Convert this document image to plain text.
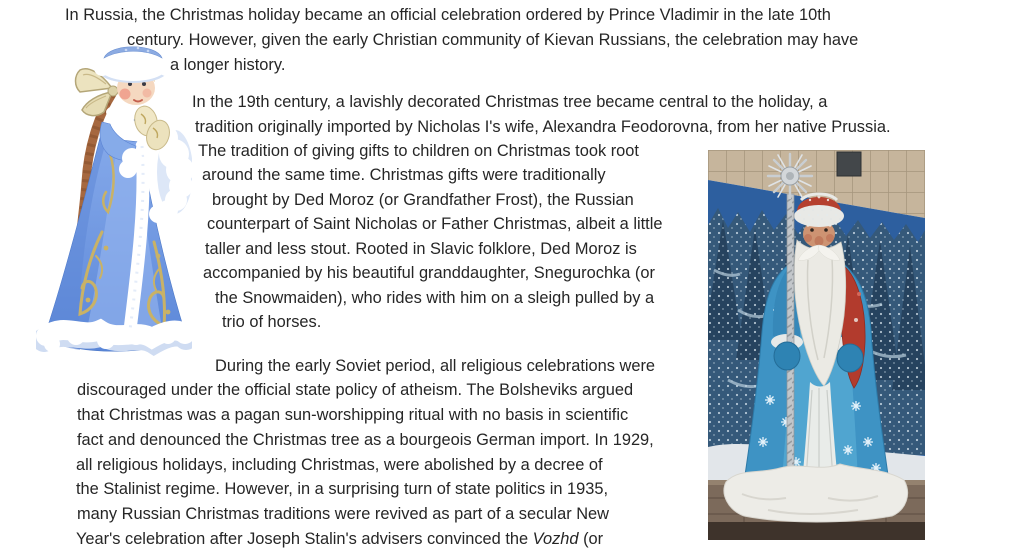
In Russia, the Christmas holiday became an official celebration ordered by Prince Vladimir in the late 10th
century. However, given the early Christian community of Kievan Russians, the celebration may have
a longer history.
In the 19th century, a lavishly decorated Christmas tree became central to the holiday, a
tradition originally imported by Nicholas I's wife, Alexandra Feodorovna, from her native Prussia.
The tradition of giving gifts to children on Christmas took root
around the same time. Christmas gifts were traditionally
brought by Ded Moroz (or Grandfather Frost), the Russian
counterpart of Saint Nicholas or Father Christmas, albeit a little
taller and less stout. Rooted in Slavic folklore, Ded Moroz is
accompanied by his beautiful granddaughter, Snegurochka (or
the Snowmaiden), who rides with him on a sleigh pulled by a
trio of horses.
During the early Soviet period, all religious celebrations were
discouraged under the official state policy of atheism. The Bolsheviks argued
that Christmas was a pagan sun-worshipping ritual with no basis in scientific
fact and denounced the Christmas tree as a bourgeois German import. In 1929,
all religious holidays, including Christmas, were abolished by a decree of
the Stalinist regime. However, in a surprising turn of state politics in 1935,
many Russian Christmas traditions were revived as part of a secular New
Year's celebration after Joseph Stalin's advisers convinced the Vozhd (or
